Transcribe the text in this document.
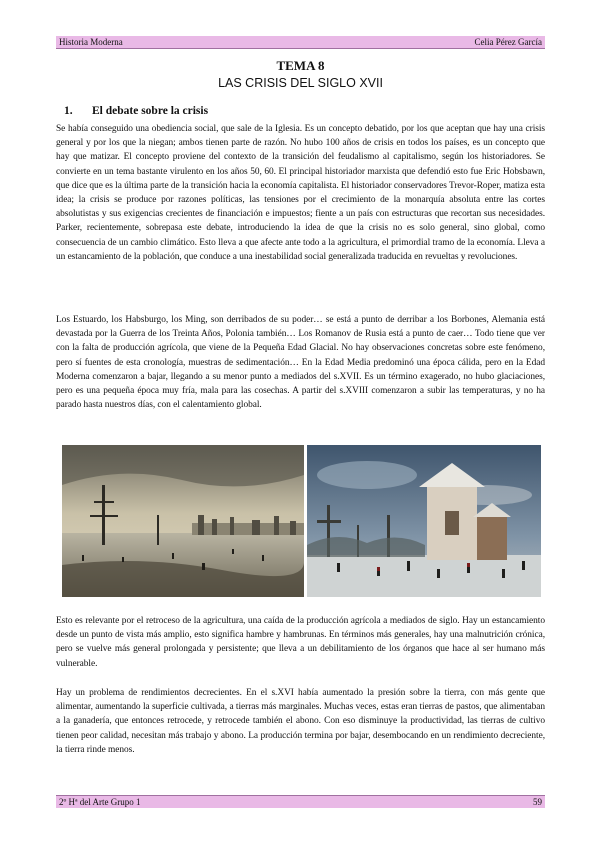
Historia Moderna	Celia Pérez García
TEMA 8
LAS CRISIS DEL SIGLO XVII
1. El debate sobre la crisis

Se había conseguido una obediencia social, que sale de la Iglesia. Es un concepto debatido, por los que aceptan que hay una crisis general y por los que la niegan; ambos tienen parte de razón. No hubo 100 años de crisis en todos los países, es un concepto que hay que matizar. El concepto proviene del contexto de la transición del feudalismo al capitalismo, según los historiadores. Se convierte en un tema bastante virulento en los años 50, 60. El principal historiador marxista que defendió esto fue Eric Hobsbawn, que dice que es la última parte de la transición hacia la economía capitalista. El historiador conservadores Trevor-Roper, matiza esta idea; la crisis se produce por razones políticas, las tensiones por el crecimiento de la monarquía absoluta entre las cortes absolutistas y sus exigencias crecientes de financiación e impuestos; fiente a un país con estructuras que recortan sus necesidades. Parker, recientemente, sobrepasa este debate, introduciendo la idea de que la crisis no es solo general, sino global, como consecuencia de un cambio climático. Esto lleva a que afecte ante todo a la agricultura, el primordial tramo de la economía. Lleva a un estancamiento de la población, que conduce a una inestabilidad social generalizada traducida en revueltas y revoluciones.

Los Estuardo, los Habsburgo, los Ming, son derribados de su poder… se está a punto de derribar a los Borbones, Alemania está devastada por la Guerra de los Treinta Años, Polonia también… Los Romanov de Rusia está a punto de caer… Todo tiene que ver con la falta de producción agrícola, que viene de la Pequeña Edad Glacial. No hay observaciones concretas sobre este fenómeno, pero sí fuentes de esta cronología, muestras de sedimentación… En la Edad Media predominó una época cálida, pero en la Edad Moderna comenzaron a bajar, llegando a su menor punto a mediados del s.XVII. Es un término exagerado, no hubo glaciaciones, pero es una pequeña época muy fría, mala para las cosechas. A partir del s.XVIII comenzaron a subir las temperaturas, y no ha parado hasta nuestros días, con el calentamiento global.

Esto es relevante por el retroceso de la agricultura, una caída de la producción agrícola a mediados de siglo. Hay un estancamiento desde un punto de vista más amplio, esto significa hambre y hambrunas. En términos más generales, hay una malnutrición crónica, pero se vuelve más general prolongada y persistente; que lleva a un debilitamiento de los órganos que hace al ser humano más vulnerable.

Hay un problema de rendimientos decrecientes. En el s.XVI había aumentado la presión sobre la tierra, con más gente que alimentar, aumentando la superficie cultivada, a tierras más marginales. Muchas veces, estas eran tierras de pastos, que alimentaban a la ganadería, que entonces retrocede, y retrocede también el abono. Con eso disminuye la productividad, las tierras de cultivo tienen peor calidad, necesitan más trabajo y abono. La producción termina por bajar, desembocando en un rendimiento decreciente, la tierra rinde menos.

2º Hª del Arte Grupo 1	59
